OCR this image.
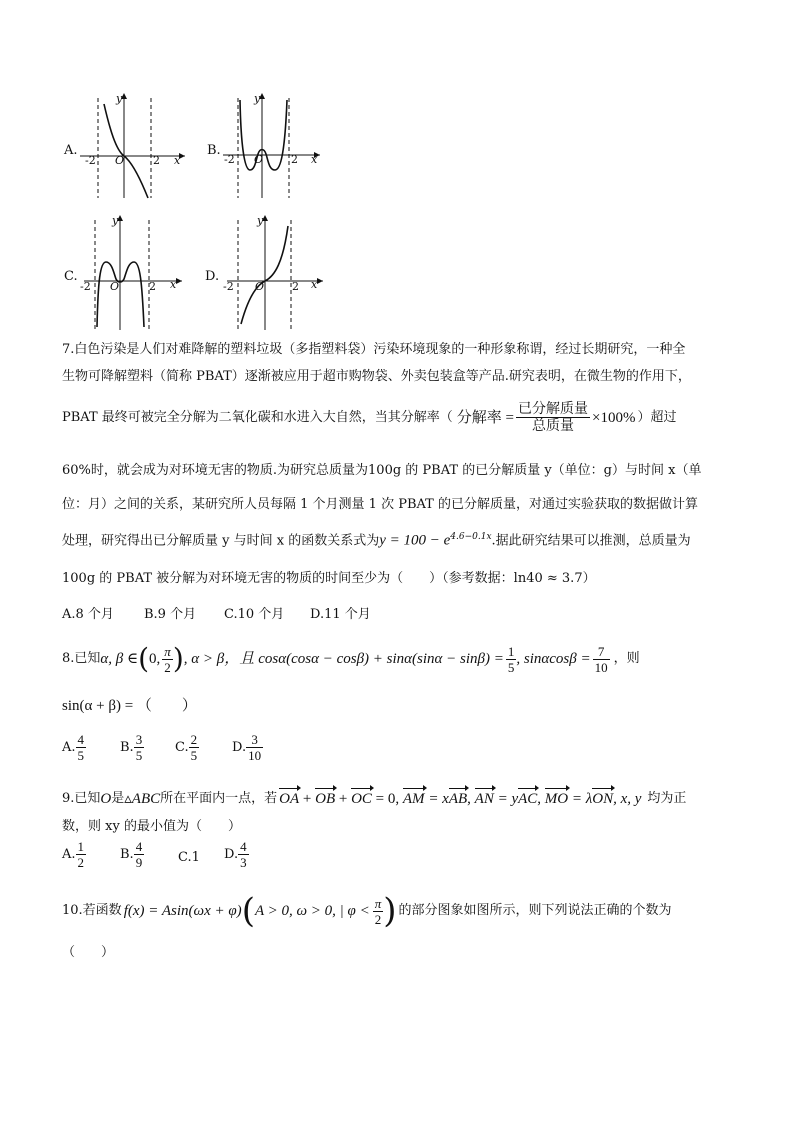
A.
y
x
O
-2	2
B.
y
x
O
-2	2
C.
y
x
O
-2	2
D.
y
x
O
-2	2
7.白色污染是人们对难降解的塑料垃圾（多指塑料袋）污染环境现象的一种形象称谓，经过长期研究，一种全
生物可降解塑料（简称 PBAT）逐渐被应用于超市购物袋、外卖包装盒等产品.研究表明，在微生物的作用下，
PBAT 最终可被完全分解为二氧化碳和水进入大自然，当其分解率（ 分解率 = $\frac{\text{已分解质量}}{\text{总质量}} \times 100\%$ ）超过
60%时，就会成为对环境无害的物质.为研究总质量为100g 的 PBAT 的已分解质量 y（单位：g）与时间 x（单
位：月）之间的关系，某研究所人员每隔 1 个月测量 1 次 PBAT 的已分解质量，对通过实验获取的数据做计算
处理，研究得出已分解质量 y 与时间 x 的函数关系式为$y = 100 - e^{4.6-0.1x}$.据此研究结果可以推测，总质量为
100g 的 PBAT 被分解为对环境无害的物质的时间至少为（　　）（参考数据：ln40 ≈ 3.7）
A.8 个月 B.9 个月 C.10 个月 D.11 个月
8.已知 α, β ∈ ( 0, $\frac{\pi}{2}$ ) , α > β，且 $\cos\alpha(\cos\alpha - \cos\beta) + \sin\alpha(\sin\alpha - \sin\beta) = \frac{1}{5}$ , $\sin\alpha\cos\beta = \frac{7}{10}$ ，则
sin(α + β) = （　　）
A. $\frac{4}{5}$	B. $\frac{3}{5} C$. $\frac{2}{5}$	D. $\frac{3}{10}$
9.已知 O 是 ▵ABC 所在平面内一点，若 OA + OB + OC = 0, AM = xAB, AN = yAC, MO = λON, x, y 均为正
数，则 xy 的最小值为（　　）
A. $\frac{1}{2}$	B. $\frac{4}{9}$	C.1 D. $\frac{4}{3}$
10.若函数 f(x) = Asin(ωx + φ) ( A > 0, ω > 0, | $\varphi < \frac{\pi}{2}$ ) 的部分图象如图所示，则下列说法正确的个数为
（　　）
